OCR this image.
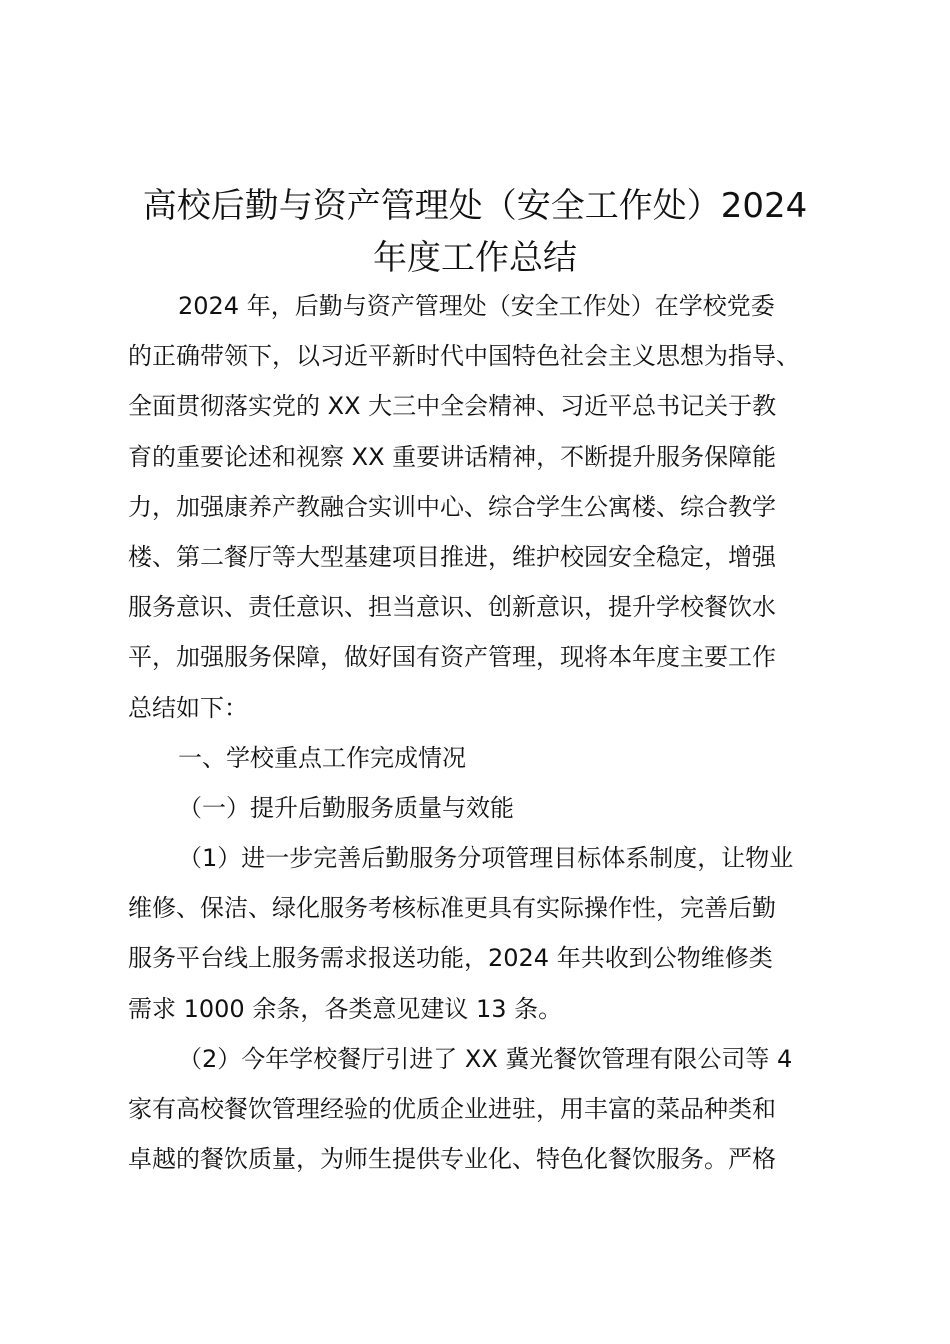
高校后勤与资产管理处（安全工作处）2024
年度工作总结
2024 年，后勤与资产管理处（安全工作处）在学校党委
的正确带领下，以习近平新时代中国特色社会主义思想为指导、
全面贯彻落实党的 XX 大三中全会精神、习近平总书记关于教
育的重要论述和视察 XX 重要讲话精神，不断提升服务保障能
力，加强康养产教融合实训中心、综合学生公寓楼、综合教学
楼、第二餐厅等大型基建项目推进，维护校园安全稳定，增强
服务意识、责任意识、担当意识、创新意识，提升学校餐饮水
平，加强服务保障，做好国有资产管理，现将本年度主要工作
总结如下：
一、学校重点工作完成情况
（一）提升后勤服务质量与效能
（1）进一步完善后勤服务分项管理目标体系制度，让物业
维修、保洁、绿化服务考核标准更具有实际操作性，完善后勤
服务平台线上服务需求报送功能，2024 年共收到公物维修类
需求 1000 余条，各类意见建议 13 条。
（2）今年学校餐厅引进了 XX 冀光餐饮管理有限公司等 4
家有高校餐饮管理经验的优质企业进驻，用丰富的菜品种类和
卓越的餐饮质量，为师生提供专业化、特色化餐饮服务。严格
